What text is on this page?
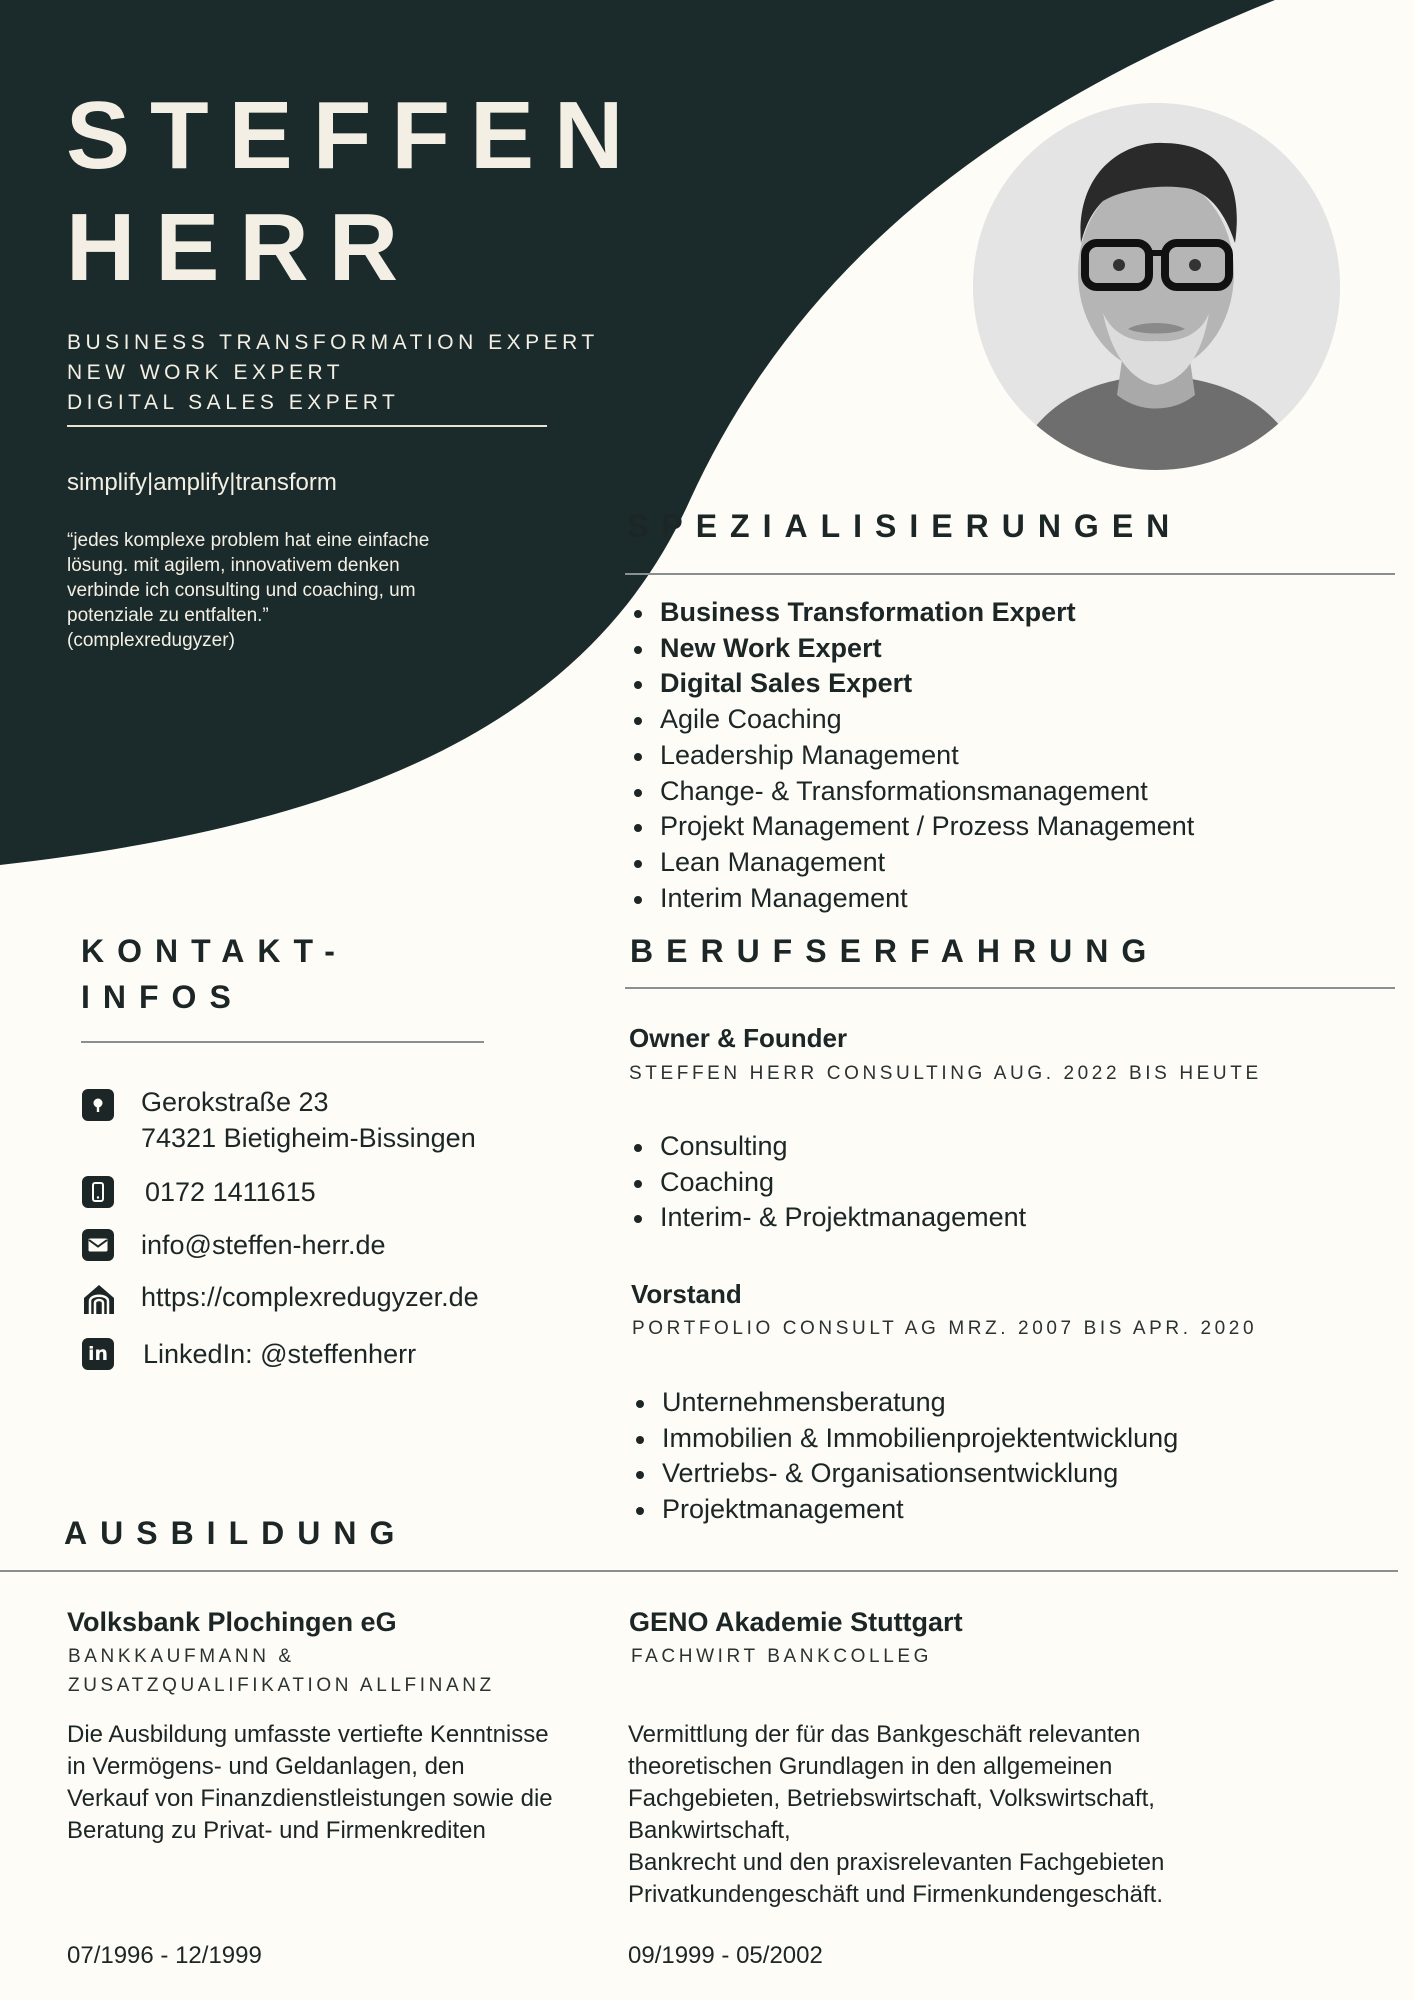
STEFFEN
HERR
BUSINESS TRANSFORMATION EXPERT
NEW WORK EXPERT
DIGITAL SALES EXPERT
simplify|amplify|transform
“jedes komplexe problem hat eine einfache
lösung. mit agilem, innovativem denken
verbinde ich consulting und coaching, um
potenziale zu entfalten.”
(complexredugyzer)
SPEZIALISIERUNGEN
Business Transformation Expert
New Work Expert
Digital Sales Expert
Agile Coaching
Leadership Management
Change- & Transformationsmanagement
Projekt Management / Prozess Management
Lean Management
Interim Management
KONTAKT-
INFOS
Gerokstraße 23
74321 Bietigheim-Bissingen
0172 1411615
info@steffen-herr.de
https://complexredugyzer.de
in LinkedIn: @steffenherr
BERUFSERFAHRUNG
Owner & Founder
STEFFEN HERR CONSULTING AUG. 2022 BIS HEUTE
Consulting
Coaching
Interim- & Projektmanagement
Vorstand
PORTFOLIO CONSULT AG MRZ. 2007 BIS APR. 2020
Unternehmensberatung
Immobilien & Immobilienprojektentwicklung
Vertriebs- & Organisationsentwicklung
Projektmanagement
AUSBILDUNG
Volksbank Plochingen eG
BANKKAUFMANN &
ZUSATZQUALIFIKATION ALLFINANZ
Die Ausbildung umfasste vertiefte Kenntnisse
in Vermögens- und Geldanlagen, den
Verkauf von Finanzdienstleistungen sowie die
Beratung zu Privat- und Firmenkrediten
07/1996 - 12/1999
GENO Akademie Stuttgart
FACHWIRT BANKCOLLEG
Vermittlung der für das Bankgeschäft relevanten
theoretischen Grundlagen in den allgemeinen
Fachgebieten, Betriebswirtschaft, Volkswirtschaft,
Bankwirtschaft,
Bankrecht und den praxisrelevanten Fachgebieten
Privatkundengeschäft und Firmenkundengeschäft.
09/1999 - 05/2002
